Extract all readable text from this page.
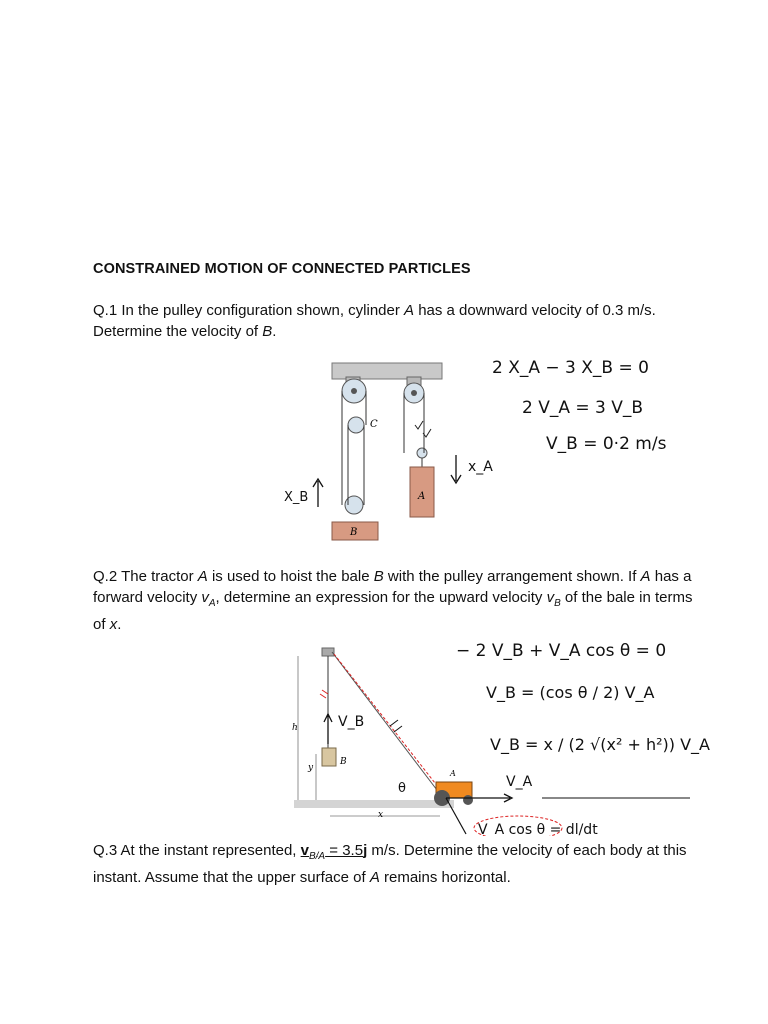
CONSTRAINED MOTION OF CONNECTED PARTICLES
Q.1 In the pulley configuration shown, cylinder A has a downward velocity of 0.3 m/s. Determine the velocity of B.
C
A
B
X_B
x_A
2 X_A − 3 X_B = 0
2 V_A = 3 V_B
V_B = 0·2 m/s
Q.2 The tractor A is used to hoist the bale B with the pulley arrangement shown. If A has a forward velocity $v_A$, determine an expression for the upward velocity $v_B$ of the bale in terms of x.
h
y
x
B
A
V_B
θ	V_A
− 2 V_B + V_A cos θ = 0
V_B = (cos θ / 2) V_A
V_B = x / (2 √(x² + h²)) V_A
V_A cos θ = dl/dt
Q.3 At the instant represented, $v_{B/A} = 3.5j$ m/s. Determine the velocity of each body at this instant. Assume that the upper surface of A remains horizontal.
